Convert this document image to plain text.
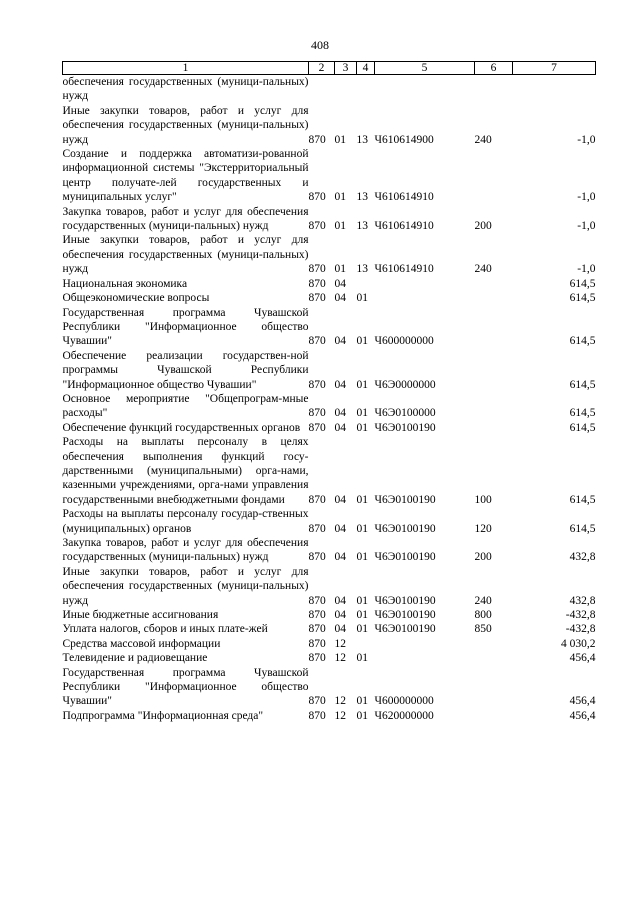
408
1	2	3	4	5	6	7
обеспечения государственных (муници-пальных) нужд						
Иные закупки товаров, работ и услуг для обеспечения государственных (муници-пальных) нужд	870	01	13	Ч610614900	240	-1,0
Создание и поддержка автоматизи-рованной информационной системы "Экстерриториальный центр получате-лей государственных и муниципальных услуг"	870	01	13	Ч610614910		-1,0
Закупка товаров, работ и услуг для обеспечения государственных (муници-пальных) нужд	870	01	13	Ч610614910	200	-1,0
Иные закупки товаров, работ и услуг для обеспечения государственных (муници-пальных) нужд	870	01	13	Ч610614910	240	-1,0
Национальная экономика	870	04				614,5
Общеэкономические вопросы	870	04	01			614,5
Государственная программа Чувашской Республики "Информационное общество Чувашии"	870	04	01	Ч600000000		614,5
Обеспечение реализации государствен-ной программы Чувашской Республики "Информационное общество Чувашии"	870	04	01	Ч6Э0000000		614,5
Основное мероприятие "Общепрограм-мные расходы"	870	04	01	Ч6Э0100000		614,5
Обеспечение функций государственных органов	870	04	01	Ч6Э0100190		614,5
Расходы на выплаты персоналу в целях обеспечения выполнения функций госу-дарственными (муниципальными) орга-нами, казенными учреждениями, орга-нами управления государственными внебюджетными фондами	870	04	01	Ч6Э0100190	100	614,5
Расходы на выплаты персоналу государ-ственных (муниципальных) органов	870	04	01	Ч6Э0100190	120	614,5
Закупка товаров, работ и услуг для обеспечения государственных (муници-пальных) нужд	870	04	01	Ч6Э0100190	200	432,8
Иные закупки товаров, работ и услуг для обеспечения государственных (муници-пальных) нужд	870	04	01	Ч6Э0100190	240	432,8
Иные бюджетные ассигнования	870	04	01	Ч6Э0100190	800	-432,8
Уплата налогов, сборов и иных плате-жей	870	04	01	Ч6Э0100190	850	-432,8
Средства массовой информации	870	12				4 030,2
Телевидение и радиовещание	870	12	01			456,4
Государственная программа Чувашской Республики "Информационное общество Чувашии"	870	12	01	Ч600000000		456,4
Подпрограмма "Информационная среда"	870	12	01	Ч620000000		456,4
